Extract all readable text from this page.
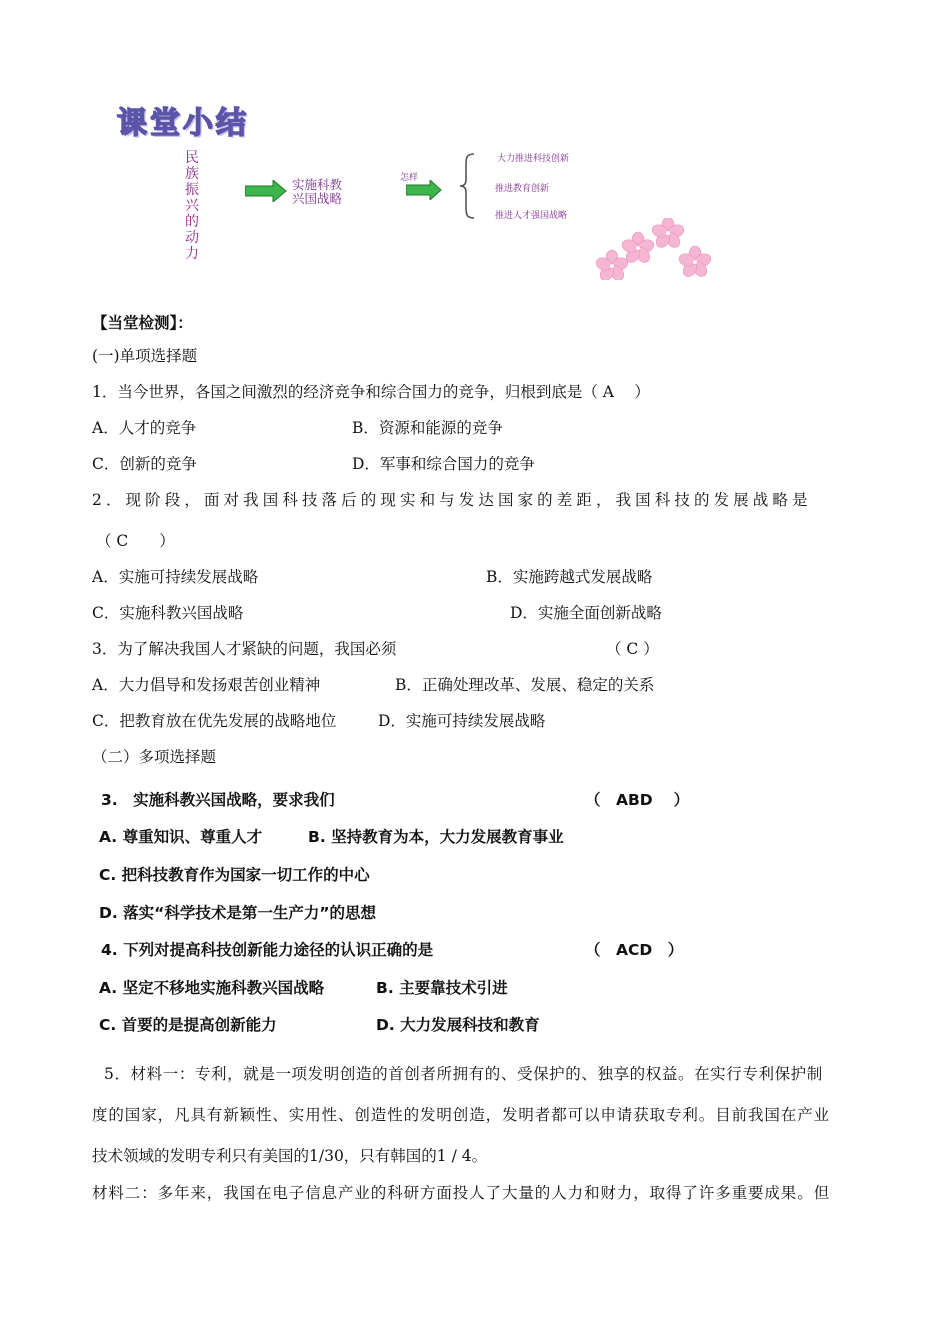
课堂小结
民族振兴的动力
实施科教
兴国战略
怎样
大力推进科技创新
推进教育创新
推进人才强国战略
【当堂检测】：
(一)单项选择题
1．当今世界，各国之间激烈的经济竞争和综合国力的竞争，归根到底是（ A　 ）
A．人才的竞争	B．资源和能源的竞争
C．创新的竞争	D．军事和综合国力的竞争
2．现阶段，面对我国科技落后的现实和与发达国家的差距，我国科技的发展战略是
（ C　　）
A．实施可持续发展战略	B．实施跨越式发展战略
C．实施科教兴国战略	D．实施全面创新战略
3．为了解决我国人才紧缺的问题，我国必须	（ C ）
A．大力倡导和发扬艰苦创业精神	B．正确处理改革、发展、稳定的关系
C．把教育放在优先发展的战略地位	D．实施可持续发展战略
（二）多项选择题
3.　实施科教兴国战略，要求我们	（　ABD　 ）
A. 尊重知识、尊重人才	B. 坚持教育为本，大力发展教育事业
C. 把科技教育作为国家一切工作的中心
D. 落实“科学技术是第一生产力”的思想
4. 下列对提高科技创新能力途径的认识正确的是	（　ACD　）
A. 坚定不移地实施科教兴国战略	B. 主要靠技术引进
C. 首要的是提高创新能力	D. 大力发展科技和教育
5．材料一：专利，就是一项发明创造的首创者所拥有的、受保护的、独享的权益。在实行专利保护制
度的国家，凡具有新颖性、实用性、创造性的发明创造，发明者都可以申请获取专利。目前我国在产业
技术领域的发明专利只有美国的1/30，只有韩国的1 / 4。
材料二：多年来，我国在电子信息产业的科研方面投人了大量的人力和财力，取得了许多重要成果。但
